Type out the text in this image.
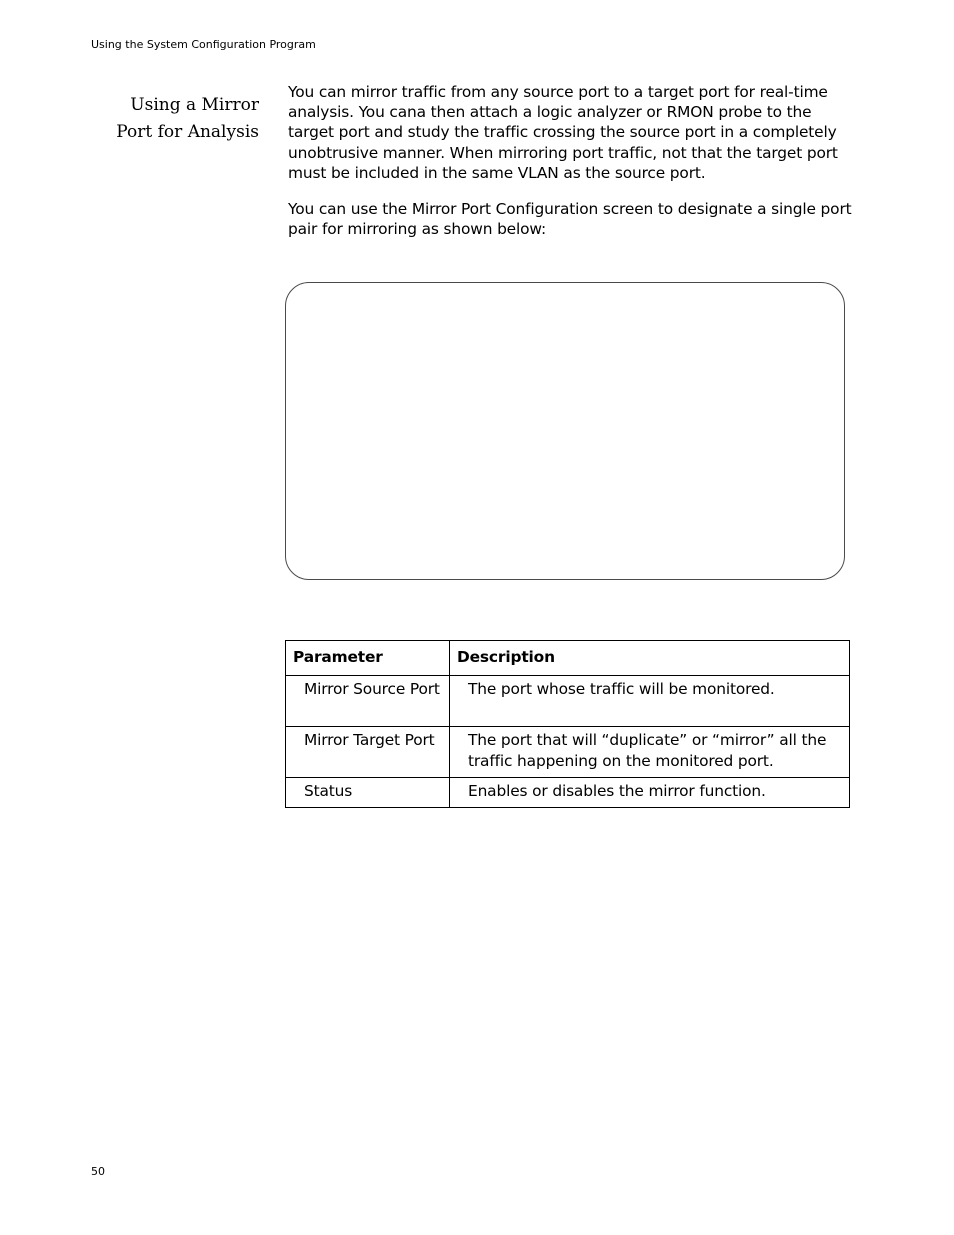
Using the System Configuration Program
Using a Mirror
Port for Analysis

You can mirror traffic from any source port to a target port for real-time analysis. You cana then attach a logic analyzer or RMON probe to the target port and study the traffic crossing the source port in a completely unobtrusive manner. When mirroring port traffic, not that the target port must be included in the same VLAN as the source port.

You can use the Mirror Port Configuration screen to designate a single port pair for mirroring as shown below:

Parameter	Description
Mirror Source Port	The port whose traffic will be monitored.
Mirror Target Port	The port that will “duplicate” or “mirror” all the traffic happening on the monitored port.
Status	Enables or disables the mirror function.
50
